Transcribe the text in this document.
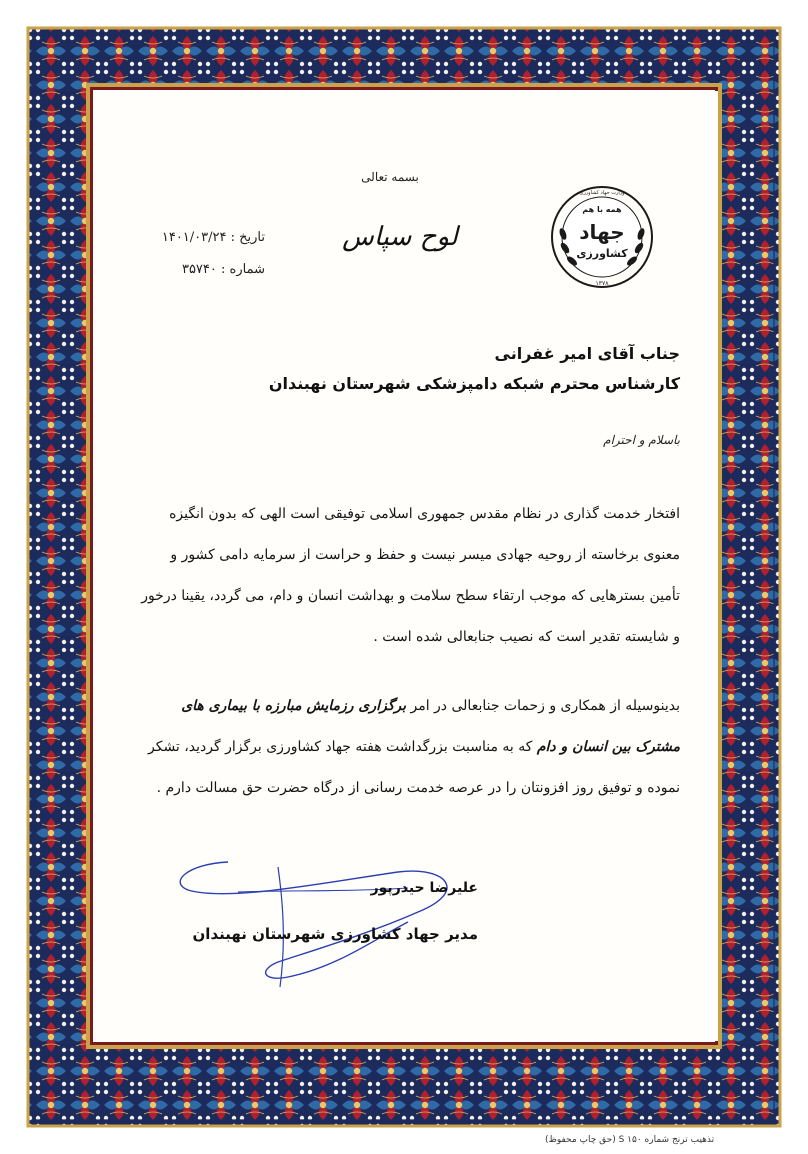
بسمه تعالی
لوح سپاس
تاریخ : ۱۴۰۱/۰۳/۲۴
شماره : ۳۵۷۴۰
همه با هم
جهاد
کشاورزی
وزارت جهاد کشاورزی
۱۳۷۸
جناب آقای امیر غفرانی
کارشناس محترم شبکه دامپزشکی شهرستان نهبندان
باسلام و احترام
افتخار خدمت گذاری در نظام مقدس جمهوری اسلامی توفیقی است الهی که بدون انگیزه معنوی برخاسته از روحیه جهادی میسر نیست و حفظ و حراست از سرمایه دامی کشور و تأمین بسترهایی که موجب ارتقاء سطح سلامت و بهداشت انسان و دام، می گردد، یقینا درخور و شایسته تقدیر است که نصیب جنابعالی شده است .
بدینوسیله از همکاری و زحمات جنابعالی در امر برگزاری رزمایش مبارزه با بیماری های مشترک بین انسان و دام که به مناسبت بزرگداشت هفته جهاد کشاورزی برگزار گردید، تشکر نموده و توفیق روز افزونتان را در عرصه خدمت رسانی از درگاه حضرت حق مسالت دارم .
علیرضا حیدرپور
مدیر جهاد کشاورزی شهرستان نهبندان
تذهیب ترنج شماره S ۱۵۰ (حق چاپ محفوظ)
